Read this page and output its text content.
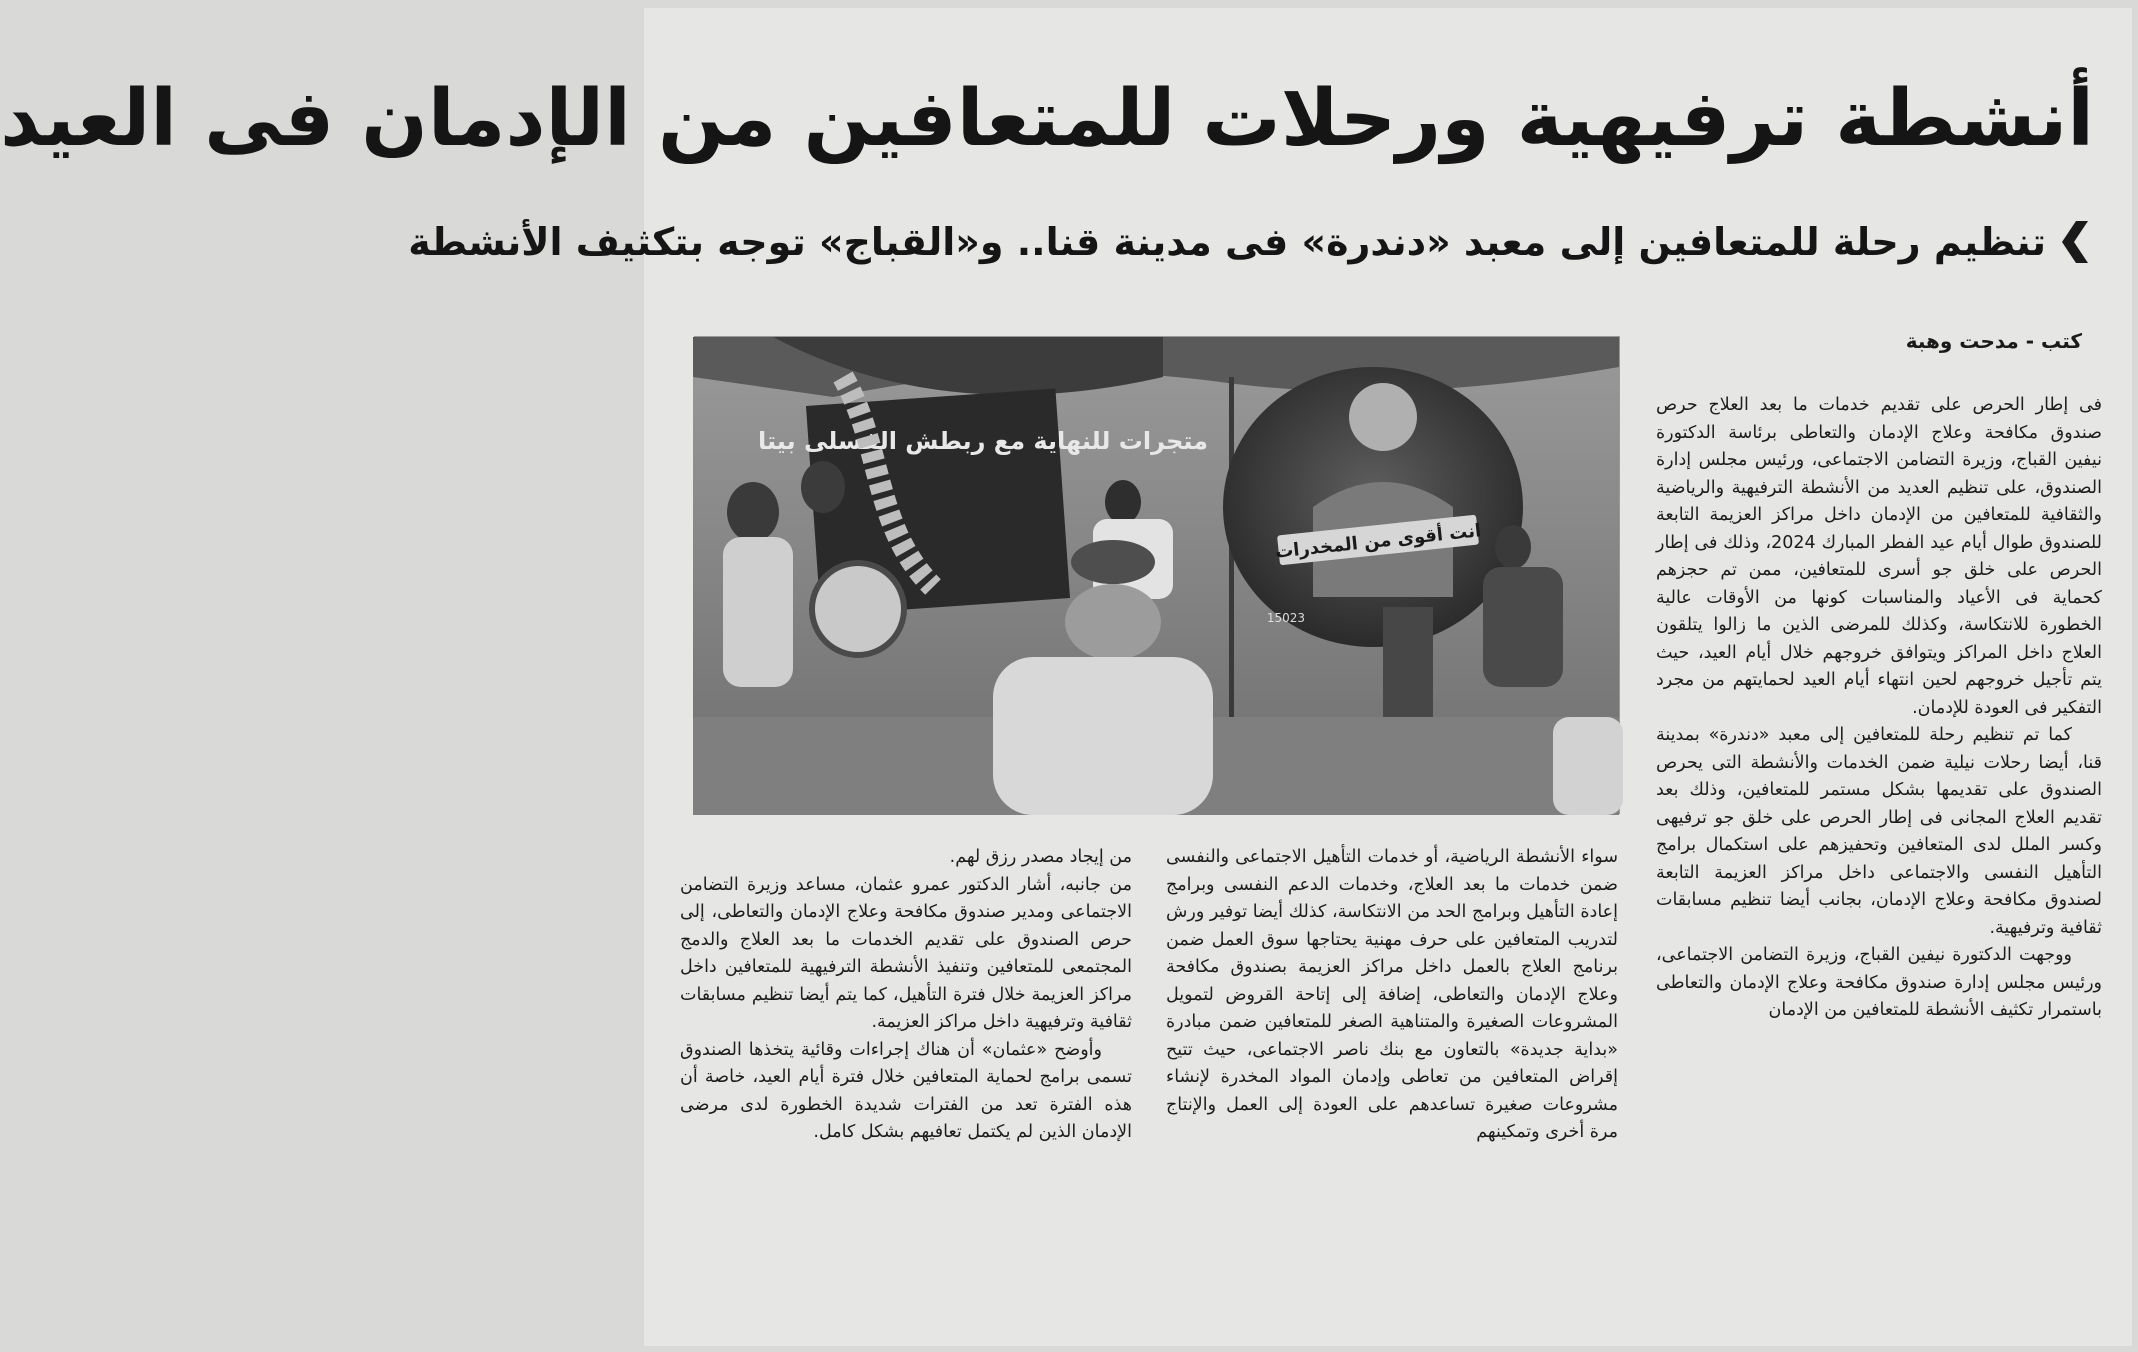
أنشطة ترفيهية ورحلات للمتعافين من الإدمان فى العيد
تنظيم رحلة للمتعافين إلى معبد «دندرة» فى مدينة قنا.. و«القباج» توجه بتكثيف الأنشطة
كتب - مدحت وهبة
متجرات للنهاية مع ربطش الفسلى بيتا
انت أقوى من المخدرات
15023

فى إطار الحرص على تقديم خدمات ما بعد العلاج حرص صندوق مكافحة وعلاج الإدمان والتعاطى برئاسة الدكتورة نيفين القباج، وزيرة التضامن الاجتماعى، ورئيس مجلس إدارة الصندوق، على تنظيم العديد من الأنشطة الترفيهية والرياضية والثقافية للمتعافين من الإدمان داخل مراكز العزيمة التابعة للصندوق طوال أيام عيد الفطر المبارك 2024، وذلك فى إطار الحرص على خلق جو أسرى للمتعافين، ممن تم حجزهم كحماية فى الأعياد والمناسبات كونها من الأوقات عالية الخطورة للانتكاسة، وكذلك للمرضى الذين ما زالوا يتلقون العلاج داخل المراكز ويتوافق خروجهم خلال أيام العيد، حيث يتم تأجيل خروجهم لحين انتهاء أيام العيد لحمايتهم من مجرد التفكير فى العودة للإدمان.

كما تم تنظيم رحلة للمتعافين إلى معبد «دندرة» بمدينة قنا، أيضا رحلات نيلية ضمن الخدمات والأنشطة التى يحرص الصندوق على تقديمها بشكل مستمر للمتعافين، وذلك بعد تقديم العلاج المجانى فى إطار الحرص على خلق جو ترفيهى وكسر الملل لدى المتعافين وتحفيزهم على استكمال برامج التأهيل النفسى والاجتماعى داخل مراكز العزيمة التابعة لصندوق مكافحة وعلاج الإدمان، بجانب أيضا تنظيم مسابقات ثقافية وترفيهية.

ووجهت الدكتورة نيفين القباج، وزيرة التضامن الاجتماعى، ورئيس مجلس إدارة صندوق مكافحة وعلاج الإدمان والتعاطى باستمرار تكثيف الأنشطة للمتعافين من الإدمان

سواء الأنشطة الرياضية، أو خدمات التأهيل الاجتماعى والنفسى ضمن خدمات ما بعد العلاج، وخدمات الدعم النفسى وبرامج إعادة التأهيل وبرامج الحد من الانتكاسة، كذلك أيضا توفير ورش لتدريب المتعافين على حرف مهنية يحتاجها سوق العمل ضمن برنامج العلاج بالعمل داخل مراكز العزيمة بصندوق مكافحة وعلاج الإدمان والتعاطى، إضافة إلى إتاحة القروض لتمويل المشروعات الصغيرة والمتناهية الصغر للمتعافين ضمن مبادرة «بداية جديدة» بالتعاون مع بنك ناصر الاجتماعى، حيث تتيح إقراض المتعافين من تعاطى وإدمان المواد المخدرة لإنشاء مشروعات صغيرة تساعدهم على العودة إلى العمل والإنتاج مرة أخرى وتمكينهم

من إيجاد مصدر رزق لهم.

من جانبه، أشار الدكتور عمرو عثمان، مساعد وزيرة التضامن الاجتماعى ومدير صندوق مكافحة وعلاج الإدمان والتعاطى، إلى حرص الصندوق على تقديم الخدمات ما بعد العلاج والدمج المجتمعى للمتعافين وتنفيذ الأنشطة الترفيهية للمتعافين داخل مراكز العزيمة خلال فترة التأهيل، كما يتم أيضا تنظيم مسابقات ثقافية وترفيهية داخل مراكز العزيمة.

وأوضح «عثمان» أن هناك إجراءات وقائية يتخذها الصندوق تسمى برامج لحماية المتعافين خلال فترة أيام العيد، خاصة أن هذه الفترة تعد من الفترات شديدة الخطورة لدى مرضى الإدمان الذين لم يكتمل تعافيهم بشكل كامل.
